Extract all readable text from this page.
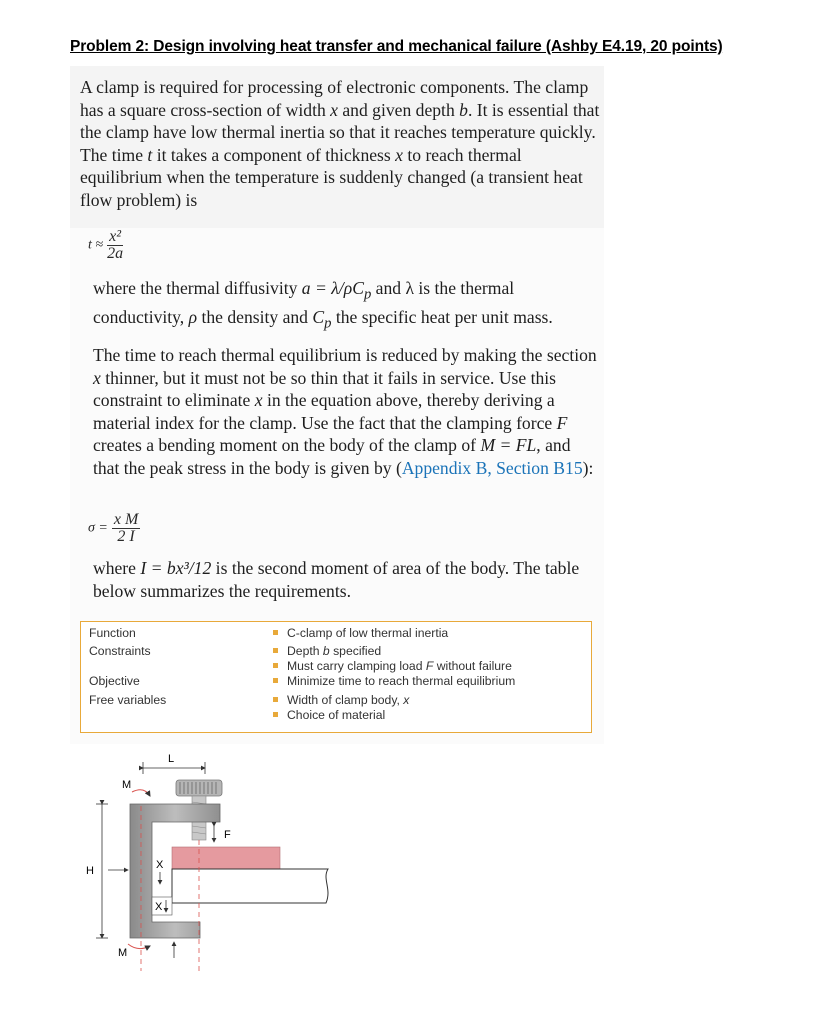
Problem 2: Design involving heat transfer and mechanical failure (Ashby E4.19, 20 points)
A clamp is required for processing of electronic components. The clamp has a square cross-section of width x and given depth b. It is essential that the clamp have low thermal inertia so that it reaches temperature quickly. The time t it takes a component of thickness x to reach thermal equilibrium when the temperature is suddenly changed (a transient heat flow problem) is
$t \approx \frac{\text{x²}}{2a}$
where the thermal diffusivity $a = \lambda/\rho C_p$ and λ is the thermal conductivity, ρ the density and $C_p$ the specific heat per unit mass.
The time to reach thermal equilibrium is reduced by making the section x thinner, but it must not be so thin that it fails in service. Use this constraint to eliminate x in the equation above, thereby deriving a material index for the clamp. Use the fact that the clamping force F creates a bending moment on the body of the clamp of M = FL, and that the peak stress in the body is given by (Appendix B, Section B15):
$\sigma = \frac{\text{x M}}{2 I}$
where I = bx³/12 is the second moment of area of the body. The table below summarizes the requirements.
Function
Constraints
Objective
Free variables
C-clamp of low thermal inertia
Depth b specified
Must carry clamping load F without failure
Minimize time to reach thermal equilibrium
Width of clamp body, x
Choice of material
L
H
M
M
F
X
X
